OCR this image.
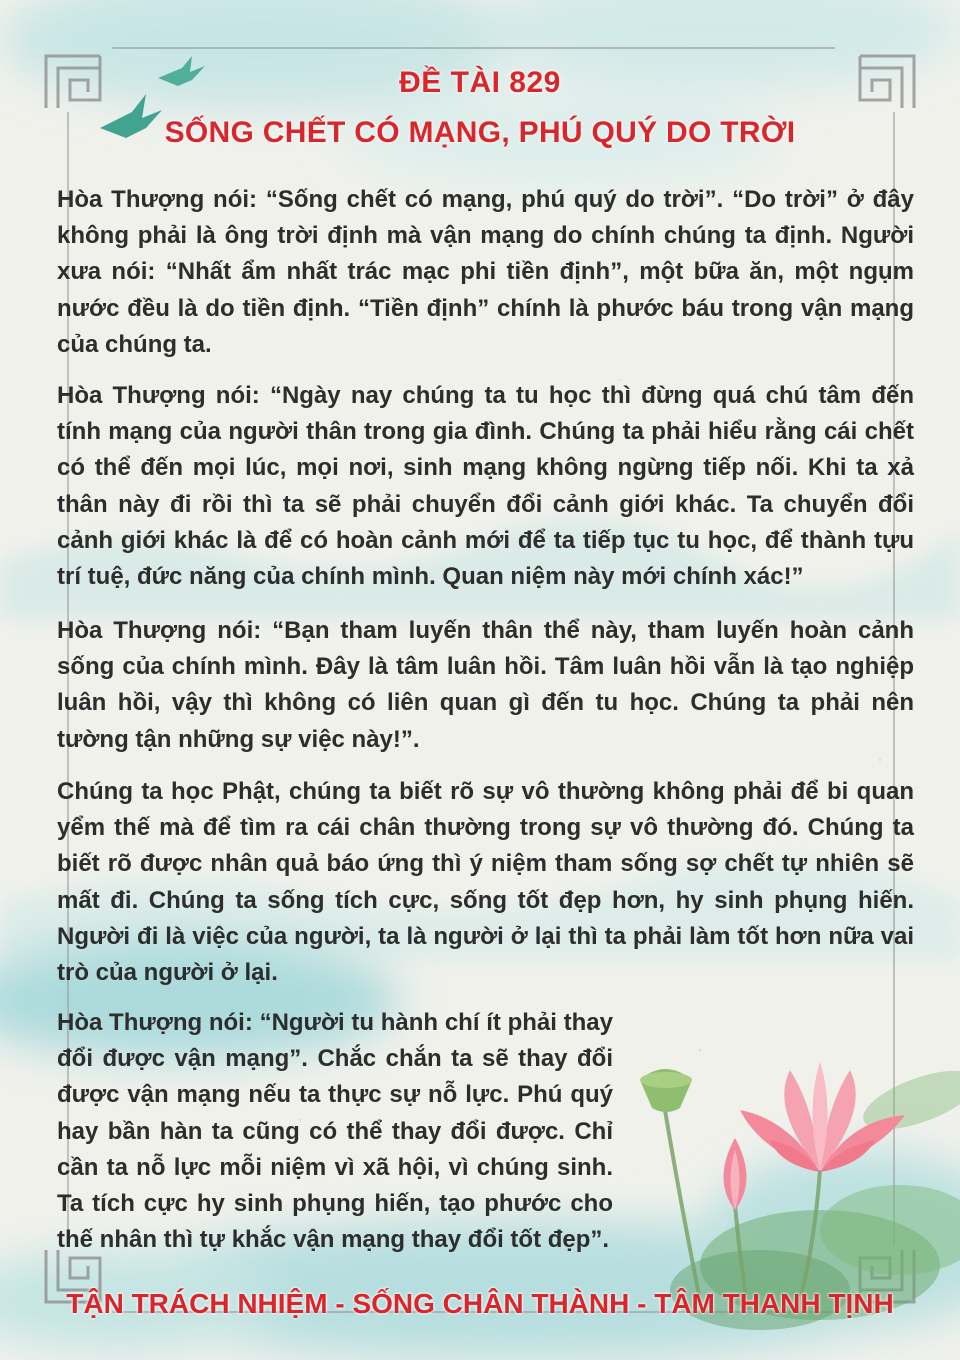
ĐỀ TÀI 829
SỐNG CHẾT CÓ MẠNG, PHÚ QUÝ DO TRỜI

Hòa Thượng nói: “Sống chết có mạng, phú quý do trời”. “Do trời” ở đây không phải là ông trời định mà vận mạng do chính chúng ta định. Người xưa nói: “Nhất ẩm nhất trác mạc phi tiền định”, một bữa ăn, một ngụm nước đều là do tiền định. “Tiền định” chính là phước báu trong vận mạng của chúng ta.

Hòa Thượng nói: “Ngày nay chúng ta tu học thì đừng quá chú tâm đến tính mạng của người thân trong gia đình. Chúng ta phải hiểu rằng cái chết có thể đến mọi lúc, mọi nơi, sinh mạng không ngừng tiếp nối. Khi ta xả thân này đi rồi thì ta sẽ phải chuyển đổi cảnh giới khác. Ta chuyển đổi cảnh giới khác là để có hoàn cảnh mới để ta tiếp tục tu học, để thành tựu trí tuệ, đức năng của chính mình. Quan niệm này mới chính xác!”

Hòa Thượng nói: “Bạn tham luyến thân thể này, tham luyến hoàn cảnh sống của chính mình. Đây là tâm luân hồi. Tâm luân hồi vẫn là tạo nghiệp luân hồi, vậy thì không có liên quan gì đến tu học. Chúng ta phải nên tường tận những sự việc này!”.

Chúng ta học Phật, chúng ta biết rõ sự vô thường không phải để bi quan yểm thế mà để tìm ra cái chân thường trong sự vô thường đó. Chúng ta biết rõ được nhân quả báo ứng thì ý niệm tham sống sợ chết tự nhiên sẽ mất đi. Chúng ta sống tích cực, sống tốt đẹp hơn, hy sinh phụng hiến. Người đi là việc của người, ta là người ở lại thì ta phải làm tốt hơn nữa vai trò của người ở lại.

Hòa Thượng nói: “Người tu hành chí ít phải thay đổi được vận mạng”. Chắc chắn ta sẽ thay đổi được vận mạng nếu ta thực sự nỗ lực. Phú quý hay bần hàn ta cũng có thể thay đổi được. Chỉ cần ta nỗ lực mỗi niệm vì xã hội, vì chúng sinh. Ta tích cực hy sinh phụng hiến, tạo phước cho thế nhân thì tự khắc vận mạng thay đổi tốt đẹp”.

TẬN TRÁCH NHIỆM - SỐNG CHÂN THÀNH - TÂM THANH TỊNH
